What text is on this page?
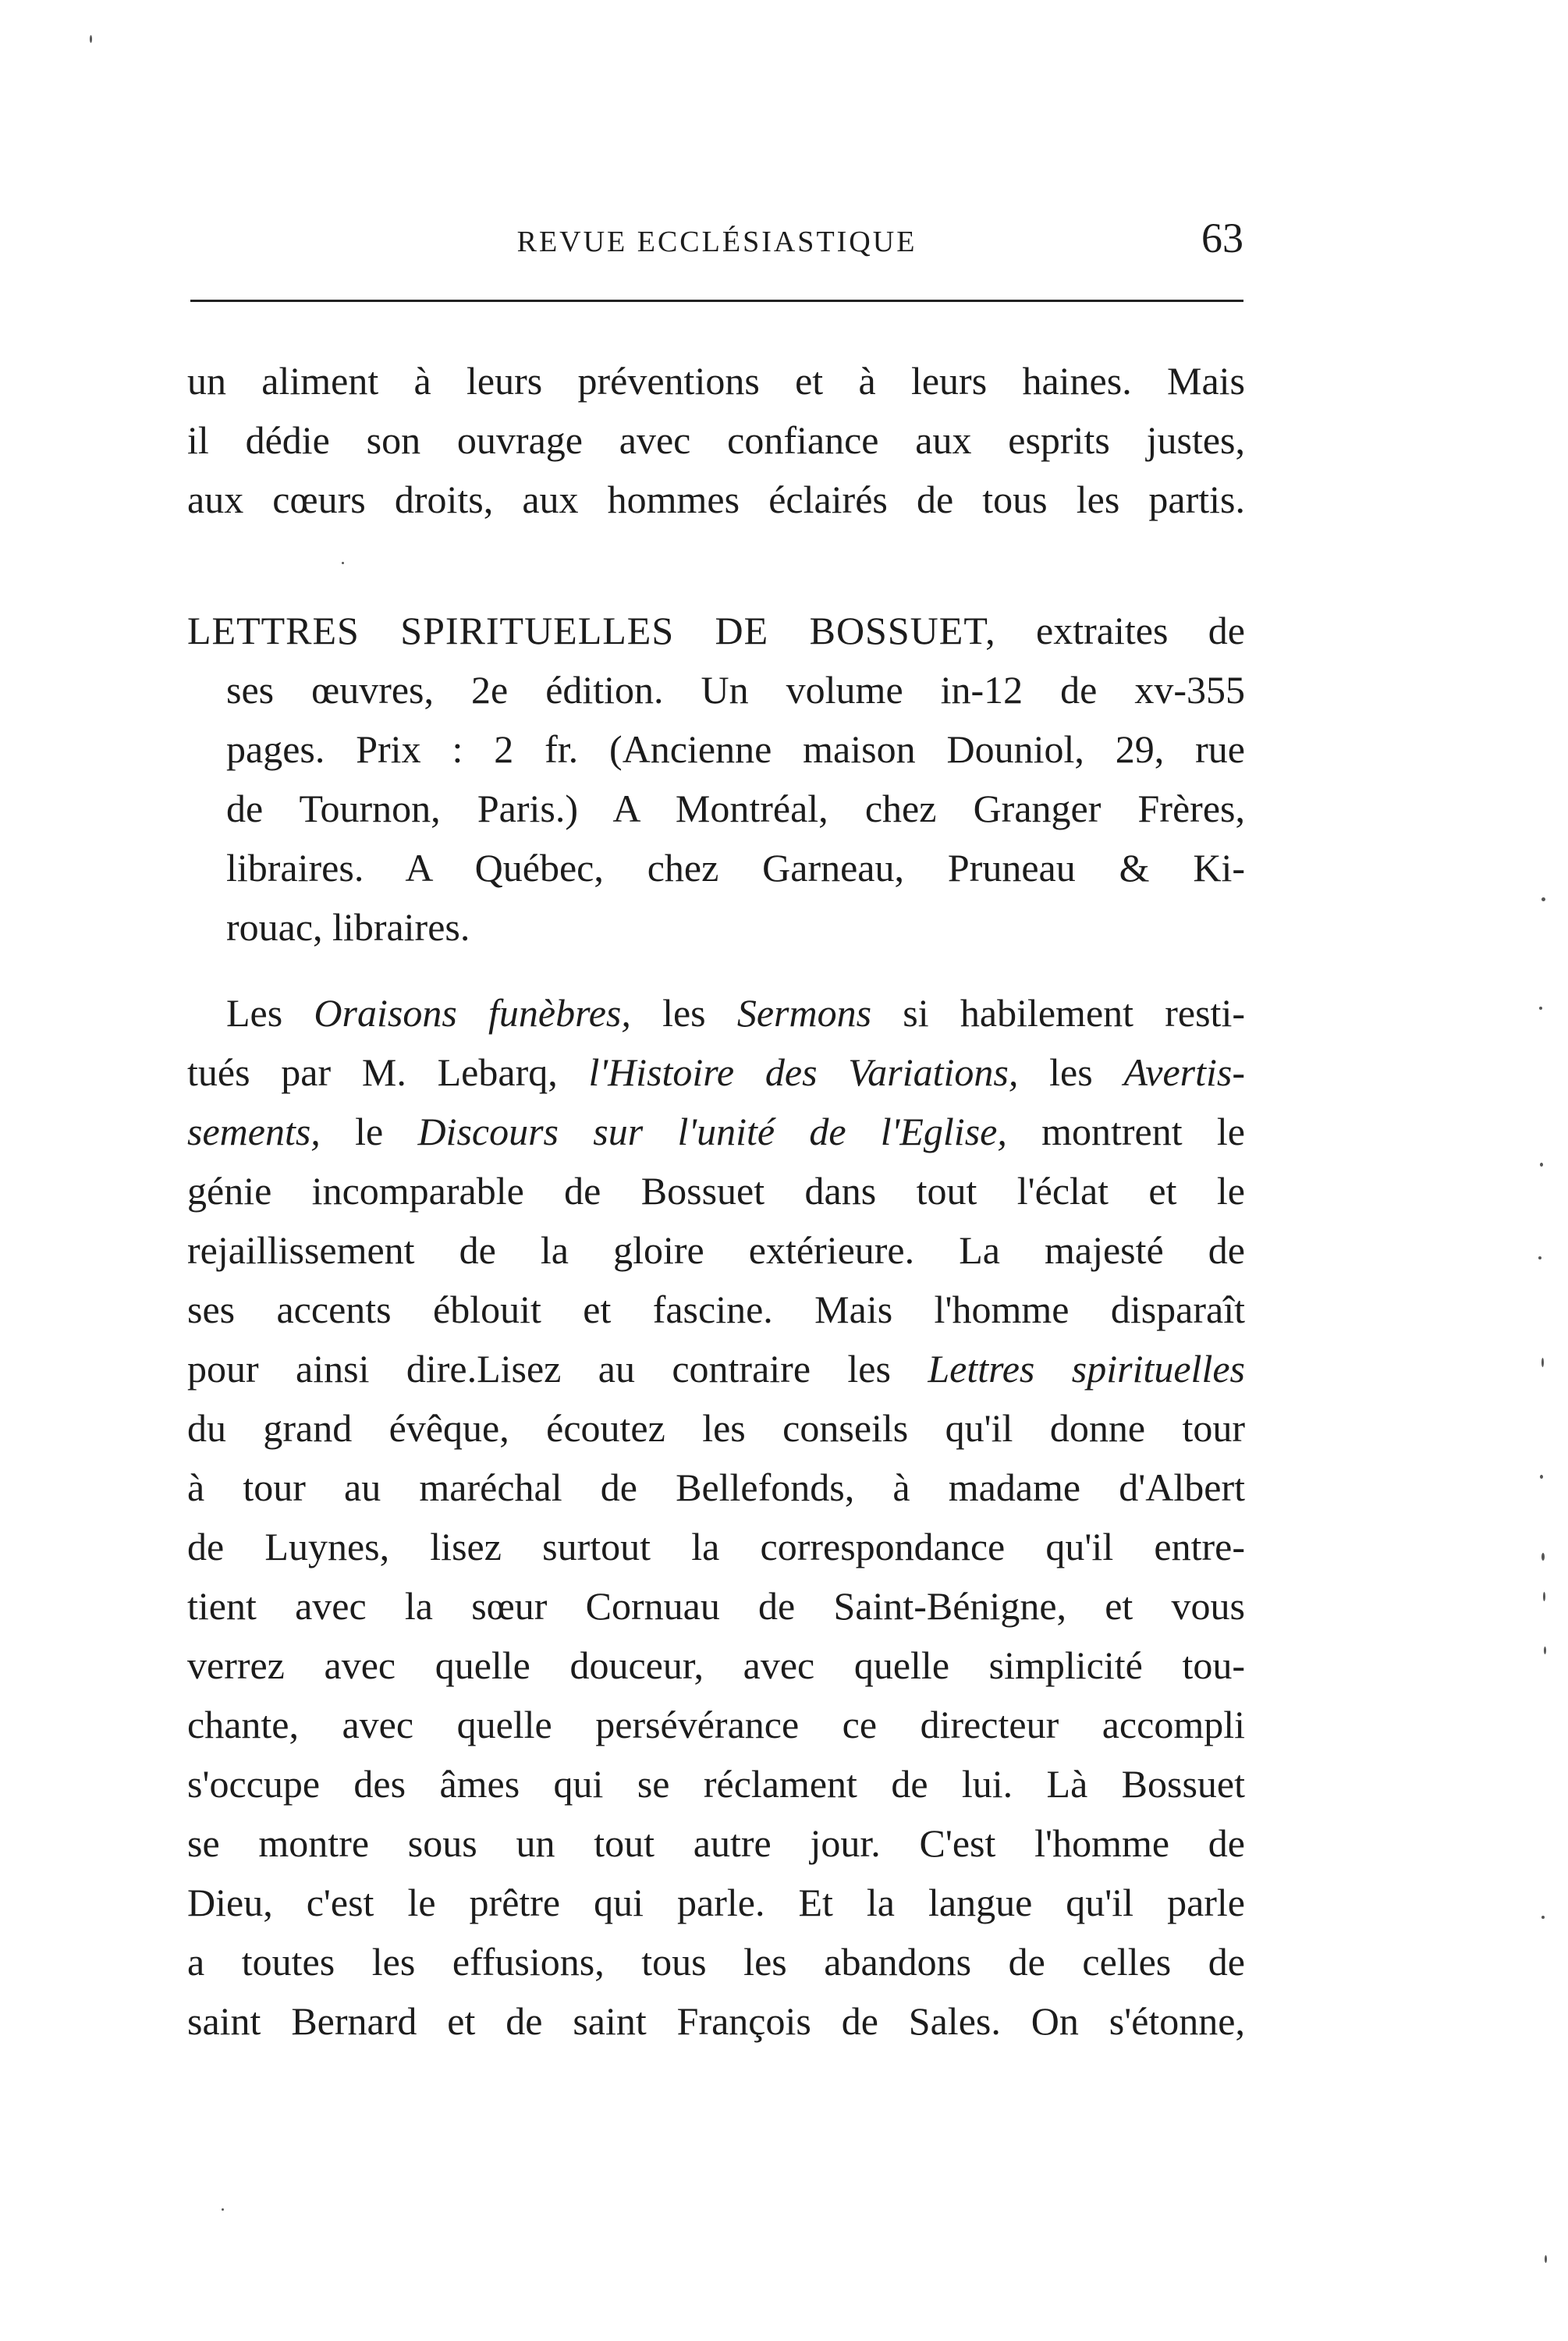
REVUE ECCLÉSIASTIQUE	63
un aliment à leurs préventions et à leurs haines. Mais
il dédie son ouvrage avec confiance aux esprits justes,
aux cœurs droits, aux hommes éclairés de tous les partis.
LETTRES SPIRITUELLES DE BOSSUET, extraites de
ses œuvres, 2e édition. Un volume in-12 de xv-355
pages. Prix : 2 fr. (Ancienne maison Douniol, 29, rue
de Tournon, Paris.) A Montréal, chez Granger Frères,
libraires. A Québec, chez Garneau, Pruneau & Ki-
rouac, libraires.
Les Oraisons funèbres, les Sermons si habilement resti-
tués par M. Lebarq, l'Histoire des Variations, les Avertis-
sements, le Discours sur l'unité de l'Eglise, montrent le
génie incomparable de Bossuet dans tout l'éclat et le
rejaillissement de la gloire extérieure. La majesté de
ses accents éblouit et fascine. Mais l'homme disparaît
pour ainsi dire.Lisez au contraire les Lettres spirituelles
du grand évêque, écoutez les conseils qu'il donne tour
à tour au maréchal de Bellefonds, à madame d'Albert
de Luynes, lisez surtout la correspondance qu'il entre-
tient avec la sœur Cornuau de Saint-Bénigne, et vous
verrez avec quelle douceur, avec quelle simplicité tou-
chante, avec quelle persévérance ce directeur accompli
s'occupe des âmes qui se réclament de lui. Là Bossuet
se montre sous un tout autre jour. C'est l'homme de
Dieu, c'est le prêtre qui parle. Et la langue qu'il parle
a toutes les effusions, tous les abandons de celles de
saint Bernard et de saint François de Sales. On s'étonne,
